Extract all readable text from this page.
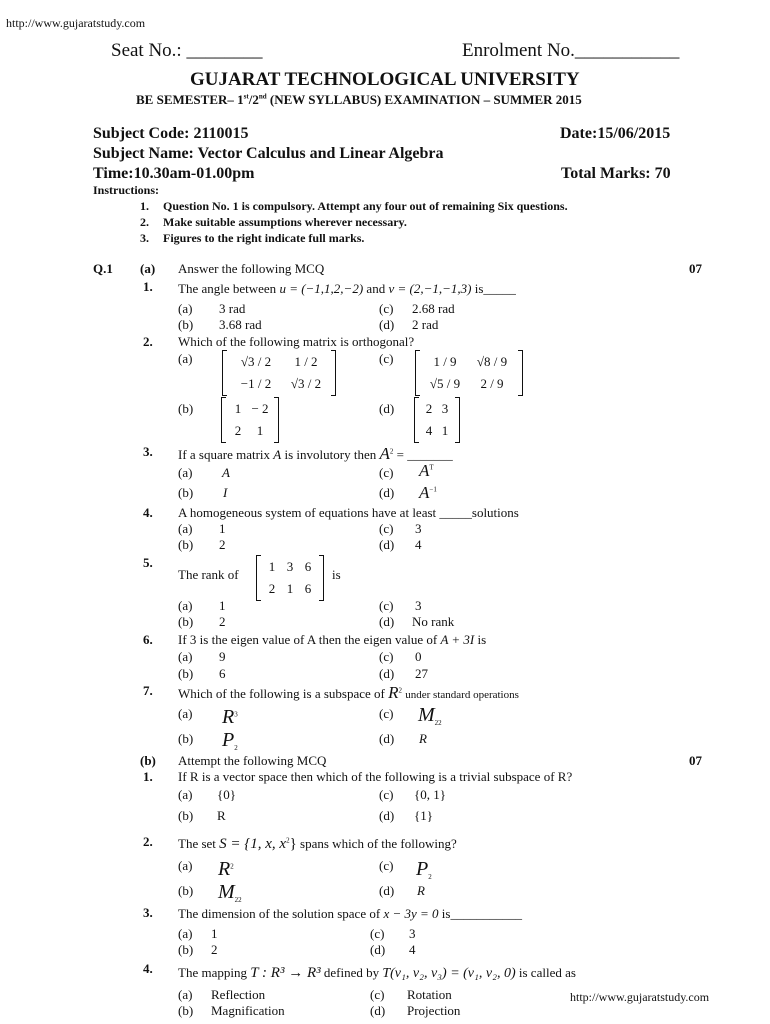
http://www.gujaratstudy.com
Seat No.: ________	Enrolment No.___________
GUJARAT TECHNOLOGICAL UNIVERSITY
BE SEMESTER– 1st/2nd (NEW SYLLABUS) EXAMINATION – SUMMER 2015
Subject Code: 2110015	Date:15/06/2015
Subject Name: Vector Calculus and Linear Algebra
Time:10.30am-01.00pm	Total Marks: 70
Instructions:
1. Question No. 1 is compulsory. Attempt any four out of remaining Six questions.
2. Make suitable assumptions wherever necessary.
3. Figures to the right indicate full marks.
Q.1 (a) Answer the following MCQ	07
1. The angle between u = (−1,1,2,−2) and v = (2,−1,−1,3) is_____
(a) 3 rad	(c) 2.68 rad
(b) 3.68 rad	(d) 2 rad
2. Which of the following matrix is orthogonal?
(a)	√3 / 2	1 / 2
−1 / 2	√3 / 2
(c)	1 / 9	√8 / 9
√5 / 9	2 / 9
(b)	1 − 2
2	1
(d)	2 3
4 1
3. If a square matrix A is involutory then $A^2$ = _______
(a) A	(c) $A^T$
(b) I	(d) $A^{-1}$
4. A homogeneous system of equations have at least _____solutions
(a) 1	(c) 3
(b) 2	(d) 4
5.
The rank of
1 3 6
2 1 6
is
(a) 1	(c) 3
(b) 2	(d) No rank
6. If 3 is the eigen value of A then the eigen value of A + 3I is
(a) 9	(c) 0
(b) 6	(d) 27
7. Which of the following is a subspace of $R^2$ under standard operations
(a) $R^3$	(c) $M_{22}$
(b) $P_2$
(d) R
(b) Attempt the following MCQ	07
1. If R is a vector space then which of the following is a trivial subspace of R?
(a) {0}	(c) {0, 1}
(b) R	(d) {1}
2. The set S = {1, x, $x^2$} spans which of the following?
(a) $R^2$	(c) $P_2$
(b) $M_{22}$
(d) R
3. The dimension of the solution space of x − 3y = 0 is___________
(a) 1	(c) 3
(b) 2	(d) 4
4. The mapping T : R³ → R³ defined by T(v₁, v₂, v₃) = (v₁, v₂, 0) is called as
(a) Reflection	(c) Rotation
(b) Magnification	(d) Projection
http://www.gujaratstudy.com
